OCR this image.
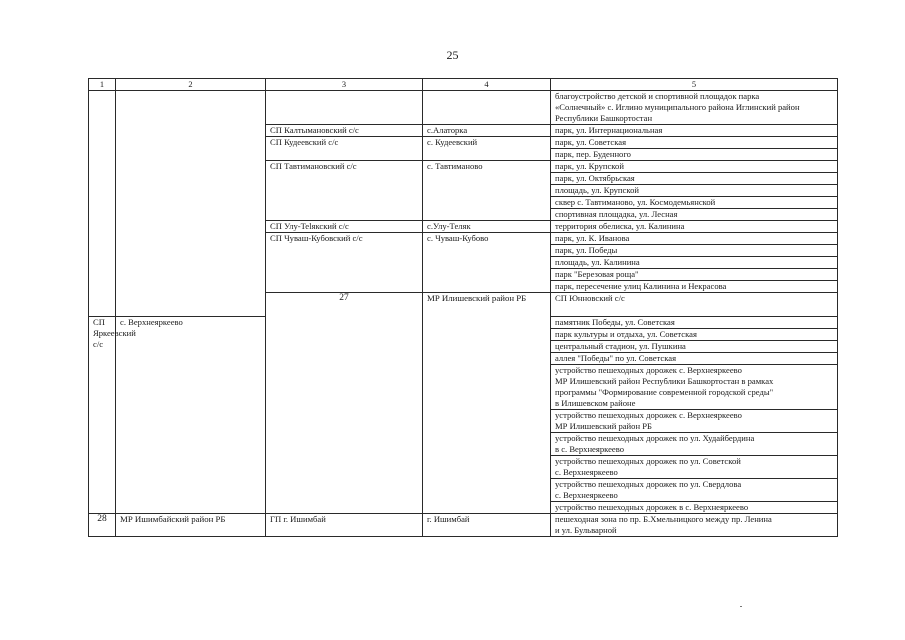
25
1	2	3	4	5	
				благоустройство детской и спортивной площадок парка
«Солнечный» с. Иглино муниципального района Иглинский район
Республики Башкортостан	
		СП Калтымановский с/с	с.Алаторка	парк, ул. Интернациональная	
		СП Кудеевский с/с	с. Кудеевский	парк, ул. Советская	
				парк, пер. Буденного	
		СП Тавтимановский с/с	с. Тавтиманово	парк, ул. Крупской	
				парк, ул. Октябрьская	
				площадь, ул. Крупской	
				сквер с. Тавтиманово, ул. Космодемьянской	
				спортивная площадка, ул. Лесная	
		СП Улу-Telякский с/с	с.Улу-Теляк	территория обелиска, ул. Калинина	
		СП Чуваш-Кубовский с/с	с. Чуваш-Кубово	парк, ул. К. Иванова	
				парк, ул. Победы	
				площадь, ул. Калинина	
				парк "Березовая роща"	
				парк, пересечение улиц Калинина и Некрасова	
		27	МР Илишевский район РБ	СП Юнновский с/с		

СП Яркеевский с/с	с. Верхнеяркеево			памятник Победы, ул. Советская	
				парк культуры и отдыха, ул. Советская	
				центральный стадион, ул. Пушкина	
				аллея "Победы" по ул. Советская	
				устройство пешеходных дорожек с. Верхнеяркеево
МР Илишевский район Республики Башкортостан в рамках
программы "Формирование современной городской среды"
в Илишевском районе	
				устройство пешеходных дорожек с. Верхнеяркеево
МР Илишевский район РБ	
				устройство пешеходных дорожек по ул. Худайбердина
в с. Верхнеяркеево	
				устройство пешеходных дорожек по ул. Советской
с. Верхнеяркеево	
				устройство пешеходных дорожек по ул. Свердлова
с. Верхнеяркеево	
				устройство пешеходных дорожек в с. Верхнеяркеево	
28	МР Ишимбайский район РБ	ГП г. Ишимбай	г. Ишимбай	пешеходная зона по пр. Б.Хмельницкого между пр. Ленина
и ул. Бульварной	
